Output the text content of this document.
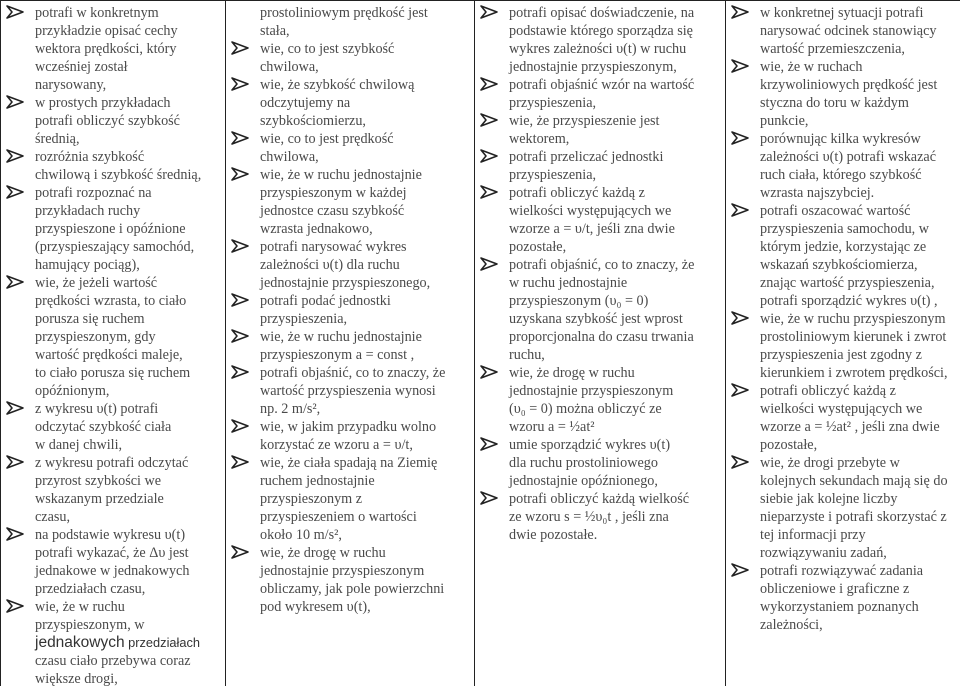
potrafi w konkretnym
przykładzie opisać cechy
wektora prędkości, który
wcześniej został
narysowany,
w prostych przykładach
potrafi obliczyć szybkość
średnią,
rozróżnia szybkość
chwilową i szybkość średnią,
potrafi rozpoznać na
przykładach ruchy
przyspieszone i opóźnione
(przyspieszający samochód,
hamujący pociąg),
wie, że jeżeli wartość
prędkości wzrasta, to ciało
porusza się ruchem
przyspieszonym, gdy
wartość prędkości maleje,
to ciało porusza się ruchem
opóźnionym,
z wykresu υ(t) potrafi
odczytać szybkość ciała
w danej chwili,
z wykresu potrafi odczytać
przyrost szybkości we
wskazanym przedziale
czasu,
na podstawie wykresu υ(t)
potrafi wykazać, że Δυ jest
jednakowe w jednakowych
przedziałach czasu,
wie, że w ruchu
przyspieszonym, w
jednakowych przedziałach
czasu ciało przebywa coraz
większe drogi,

prostoliniowym prędkość jest
stała,
wie, co to jest szybkość
chwilowa,
wie, że szybkość chwilową
odczytujemy na
szybkościomierzu,
wie, co to jest prędkość
chwilowa,
wie, że w ruchu jednostajnie
przyspieszonym w każdej
jednostce czasu szybkość
wzrasta jednakowo,
potrafi narysować wykres
zależności υ(t) dla ruchu
jednostajnie przyspieszonego,
potrafi podać jednostki
przyspieszenia,
wie, że w ruchu jednostajnie
przyspieszonym a = const ,
potrafi objaśnić, co to znaczy, że
wartość przyspieszenia wynosi
np. 2 m/s²,
wie, w jakim przypadku wolno
korzystać ze wzoru a = υ/t,
wie, że ciała spadają na Ziemię
ruchem jednostajnie
przyspieszonym z
przyspieszeniem o wartości
około 10 m/s²,
wie, że drogę w ruchu
jednostajnie przyspieszonym
obliczamy, jak pole powierzchni
pod wykresem υ(t),

potrafi opisać doświadczenie, na
podstawie którego sporządza się
wykres zależności υ(t) w ruchu
jednostajnie przyspieszonym,
potrafi objaśnić wzór na wartość
przyspieszenia,
wie, że przyspieszenie jest
wektorem,
potrafi przeliczać jednostki
przyspieszenia,
potrafi obliczyć każdą z
wielkości występujących we
wzorze a = υ/t, jeśli zna dwie
pozostałe,
potrafi objaśnić, co to znaczy, że
w ruchu jednostajnie
przyspieszonym (υ₀ = 0)
uzyskana szybkość jest wprost
proporcjonalna do czasu trwania
ruchu,
wie, że drogę w ruchu
jednostajnie przyspieszonym
(υ₀ = 0) można obliczyć ze
wzoru a = ½at²
umie sporządzić wykres υ(t)
dla ruchu prostoliniowego
jednostajnie opóźnionego,
potrafi obliczyć każdą wielkość
ze wzoru s = ½υ₀t , jeśli zna
dwie pozostałe.

w konkretnej sytuacji potrafi
narysować odcinek stanowiący
wartość przemieszczenia,
wie, że w ruchach
krzywoliniowych prędkość jest
styczna do toru w każdym
punkcie,
porównując kilka wykresów
zależności υ(t) potrafi wskazać
ruch ciała, którego szybkość
wzrasta najszybciej.
potrafi oszacować wartość
przyspieszenia samochodu, w
którym jedzie, korzystając ze
wskazań szybkościomierza,
znając wartość przyspieszenia,
potrafi sporządzić wykres υ(t) ,
wie, że w ruchu przyspieszonym
prostoliniowym kierunek i zwrot
przyspieszenia jest zgodny z
kierunkiem i zwrotem prędkości,
potrafi obliczyć każdą z
wielkości występujących we
wzorze a = ½at² , jeśli zna dwie
pozostałe,
wie, że drogi przebyte w
kolejnych sekundach mają się do
siebie jak kolejne liczby
nieparzyste i potrafi skorzystać z
tej informacji przy
rozwiązywaniu zadań,
potrafi rozwiązywać zadania
obliczeniowe i graficzne z
wykorzystaniem poznanych
zależności,
